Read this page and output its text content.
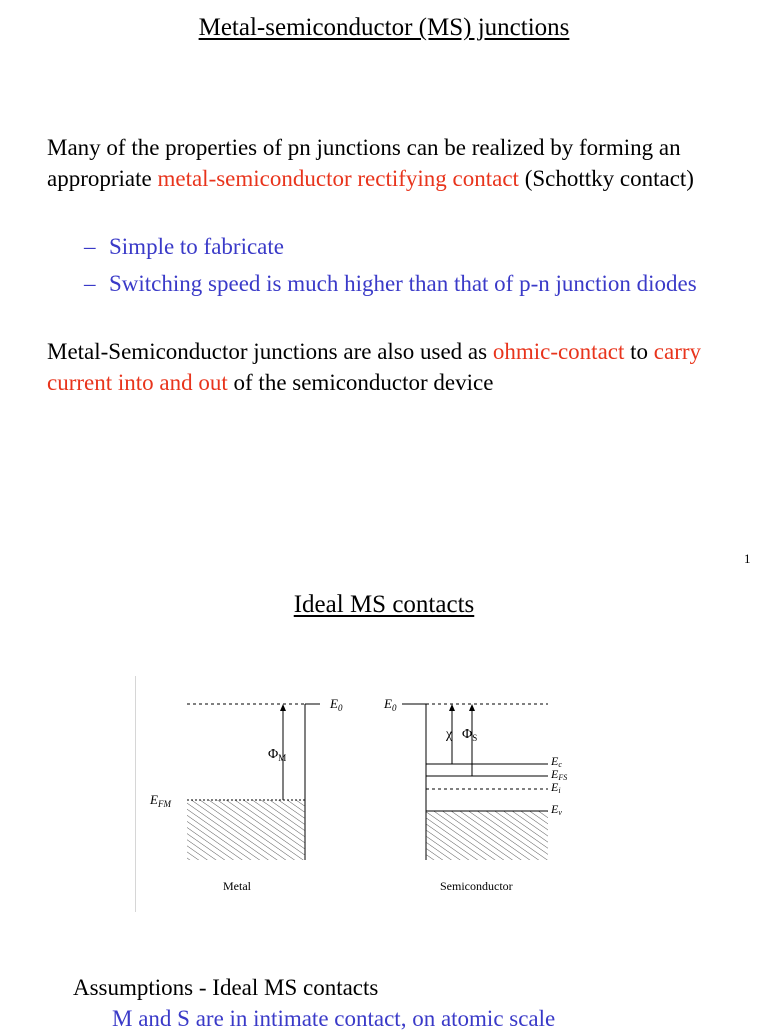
Metal-semiconductor (MS) junctions

Many of the properties of pn junctions can be realized by forming an appropriate metal-semiconductor rectifying contact (Schottky contact)

– Simple to fabricate
– Switching speed is much higher than that of p-n junction diodes

Metal-Semiconductor junctions are also used as ohmic-contact to carry current into and out of the semiconductor device

1
Ideal MS contacts
$E_0$
$\Phi_M$
$E_{FM}$
Metal
$E_0$
χ $\Phi_S$
Ec
EFS
Ei
Ev
Semiconductor
Assumptions - Ideal MS contacts
M and S are in intimate contact, on atomic scale
